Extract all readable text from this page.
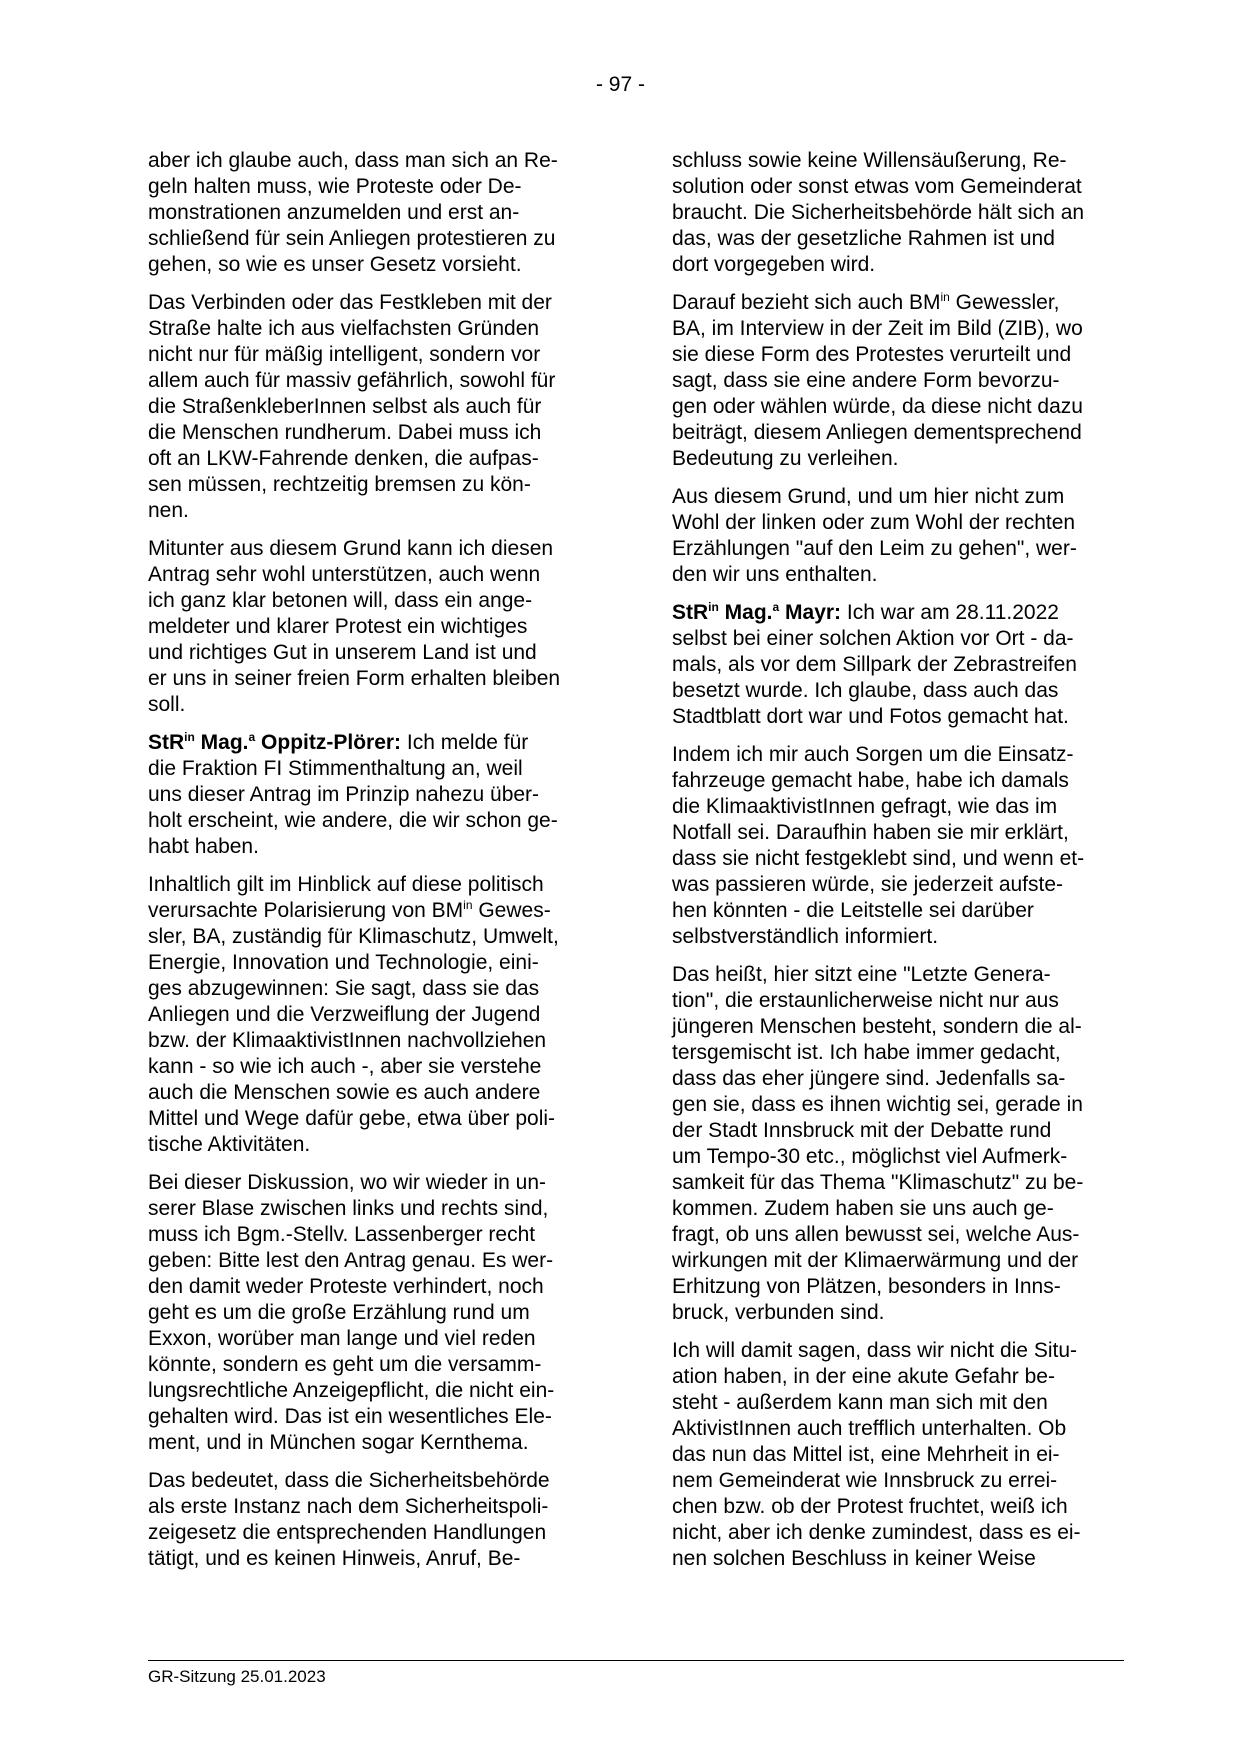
- 97 -
aber ich glaube auch, dass man sich an Re-
geln halten muss, wie Proteste oder De-
monstrationen anzumelden und erst an-
schließend für sein Anliegen protestieren zu
gehen, so wie es unser Gesetz vorsieht.
Das Verbinden oder das Festkleben mit der
Straße halte ich aus vielfachsten Gründen
nicht nur für mäßig intelligent, sondern vor
allem auch für massiv gefährlich, sowohl für
die StraßenkleberInnen selbst als auch für
die Menschen rundherum. Dabei muss ich
oft an LKW-Fahrende denken, die aufpas-
sen müssen, rechtzeitig bremsen zu kön-
nen.
Mitunter aus diesem Grund kann ich diesen
Antrag sehr wohl unterstützen, auch wenn
ich ganz klar betonen will, dass ein ange-
meldeter und klarer Protest ein wichtiges
und richtiges Gut in unserem Land ist und
er uns in seiner freien Form erhalten bleiben
soll.
StR$^{in}$ Mag.$^a$ Oppitz-Plörer: Ich melde für
die Fraktion FI Stimmenthaltung an, weil
uns dieser Antrag im Prinzip nahezu über-
holt erscheint, wie andere, die wir schon ge-
habt haben.
Inhaltlich gilt im Hinblick auf diese politisch
verursachte Polarisierung von $BM^{in}$ Gewes-
sler, BA, zuständig für Klimaschutz, Umwelt,
Energie, Innovation und Technologie, eini-
ges abzugewinnen: Sie sagt, dass sie das
Anliegen und die Verzweiflung der Jugend
bzw. der KlimaaktivistInnen nachvollziehen
kann - so wie ich auch -, aber sie verstehe
auch die Menschen sowie es auch andere
Mittel und Wege dafür gebe, etwa über poli-
tische Aktivitäten.
Bei dieser Diskussion, wo wir wieder in un-
serer Blase zwischen links und rechts sind,
muss ich Bgm.-Stellv. Lassenberger recht
geben: Bitte lest den Antrag genau. Es wer-
den damit weder Proteste verhindert, noch
geht es um die große Erzählung rund um
Exxon, worüber man lange und viel reden
könnte, sondern es geht um die versamm-
lungsrechtliche Anzeigepflicht, die nicht ein-
gehalten wird. Das ist ein wesentliches Ele-
ment, und in München sogar Kernthema.
Das bedeutet, dass die Sicherheitsbehörde
als erste Instanz nach dem Sicherheitspoli-
zeigesetz die entsprechenden Handlungen
tätigt, und es keinen Hinweis, Anruf, Be-
schluss sowie keine Willensäußerung, Re-
solution oder sonst etwas vom Gemeinderat
braucht. Die Sicherheitsbehörde hält sich an
das, was der gesetzliche Rahmen ist und
dort vorgegeben wird.
Darauf bezieht sich auch $BM^{in}$ Gewessler,
BA, im Interview in der Zeit im Bild (ZIB), wo
sie diese Form des Protestes verurteilt und
sagt, dass sie eine andere Form bevorzu-
gen oder wählen würde, da diese nicht dazu
beiträgt, diesem Anliegen dementsprechend
Bedeutung zu verleihen.
Aus diesem Grund, und um hier nicht zum
Wohl der linken oder zum Wohl der rechten
Erzählungen "auf den Leim zu gehen", wer-
den wir uns enthalten.
StR$^{in}$ Mag.$^a$ Mayr: Ich war am 28.11.2022
selbst bei einer solchen Aktion vor Ort - da-
mals, als vor dem Sillpark der Zebrastreifen
besetzt wurde. Ich glaube, dass auch das
Stadtblatt dort war und Fotos gemacht hat.
Indem ich mir auch Sorgen um die Einsatz-
fahrzeuge gemacht habe, habe ich damals
die KlimaaktivistInnen gefragt, wie das im
Notfall sei. Daraufhin haben sie mir erklärt,
dass sie nicht festgeklebt sind, und wenn et-
was passieren würde, sie jederzeit aufste-
hen könnten - die Leitstelle sei darüber
selbstverständlich informiert.
Das heißt, hier sitzt eine "Letzte Genera-
tion", die erstaunlicherweise nicht nur aus
jüngeren Menschen besteht, sondern die al-
tersgemischt ist. Ich habe immer gedacht,
dass das eher jüngere sind. Jedenfalls sa-
gen sie, dass es ihnen wichtig sei, gerade in
der Stadt Innsbruck mit der Debatte rund
um Tempo-30 etc., möglichst viel Aufmerk-
samkeit für das Thema "Klimaschutz" zu be-
kommen. Zudem haben sie uns auch ge-
fragt, ob uns allen bewusst sei, welche Aus-
wirkungen mit der Klimaerwärmung und der
Erhitzung von Plätzen, besonders in Inns-
bruck, verbunden sind.
Ich will damit sagen, dass wir nicht die Situ-
ation haben, in der eine akute Gefahr be-
steht - außerdem kann man sich mit den
AktivistInnen auch trefflich unterhalten. Ob
das nun das Mittel ist, eine Mehrheit in ei-
nem Gemeinderat wie Innsbruck zu errei-
chen bzw. ob der Protest fruchtet, weiß ich
nicht, aber ich denke zumindest, dass es ei-
nen solchen Beschluss in keiner Weise
GR-Sitzung 25.01.2023
